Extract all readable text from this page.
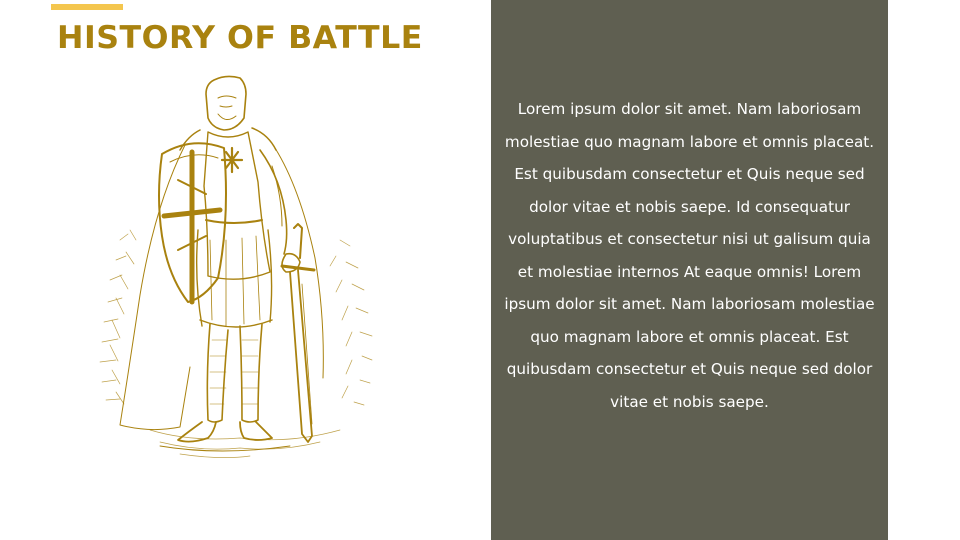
HISTORY OF BATTLE

Lorem ipsum dolor sit amet. Nam laboriosam molestiae quo magnam labore et omnis placeat. Est quibusdam consectetur et Quis neque sed dolor vitae et nobis saepe. Id consequatur voluptatibus et consectetur nisi ut galisum quia et molestiae internos At eaque omnis! Lorem ipsum dolor sit amet. Nam laboriosam molestiae quo magnam labore et omnis placeat. Est quibusdam consectetur et Quis neque sed dolor vitae et nobis saepe.
